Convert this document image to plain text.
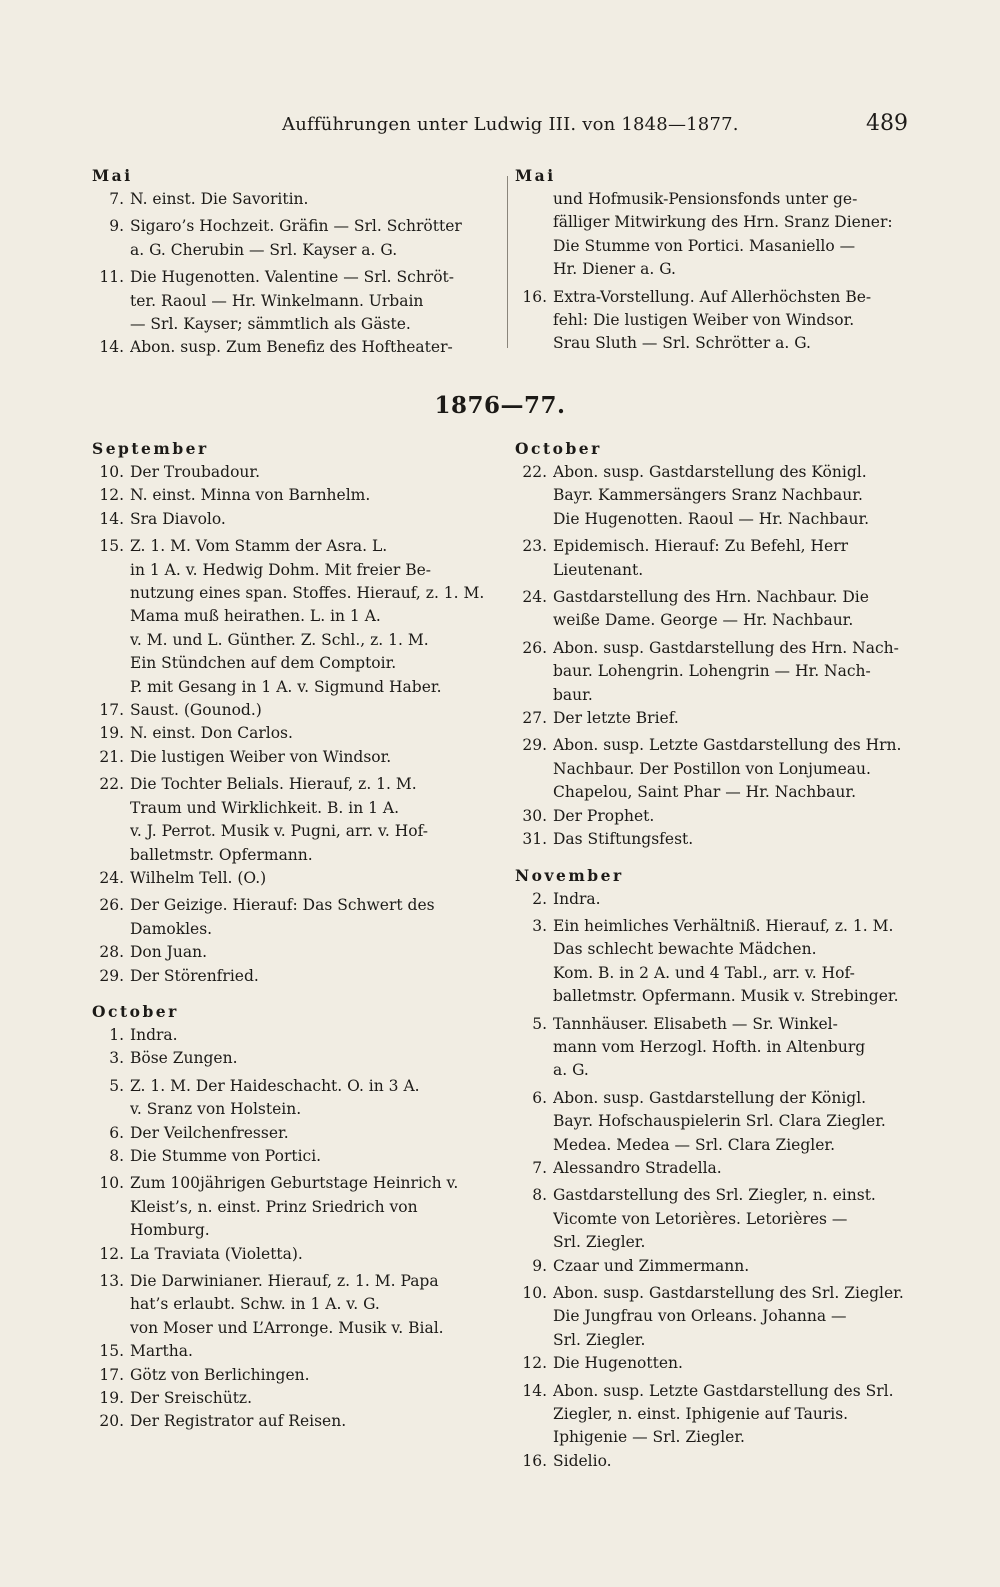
Aufführungen unter Ludwig III. von 1848—1877.	489
Mai
7. N. einst. Die Savoritin.
9. Sigaro’s Hochzeit. Gräfin — Srl. Schrötter
a. G. Cherubin — Srl. Kayser a. G.
11. Die Hugenotten. Valentine — Srl. Schröt-
ter. Raoul — Hr. Winkelmann. Urbain
— Srl. Kayser; sämmtlich als Gäste.
14. Abon. susp. Zum Benefiz des Hoftheater-
Mai
und Hofmusik-Pensionsfonds unter ge-
fälliger Mitwirkung des Hrn. Sranz Diener:
Die Stumme von Portici. Masaniello —
Hr. Diener a. G.
16. Extra-Vorstellung. Auf Allerhöchsten Be-
fehl: Die lustigen Weiber von Windsor.
Srau Sluth — Srl. Schrötter a. G.
1876—77.
September
10. Der Troubadour.
12. N. einst. Minna von Barnhelm.
14. Sra Diavolo.
15. Z. 1. M. Vom Stamm der Asra. L.
in 1 A. v. Hedwig Dohm. Mit freier Be-
nutzung eines span. Stoffes. Hierauf, z. 1. M.
Mama muß heirathen. L. in 1 A.
v. M. und L. Günther. Z. Schl., z. 1. M.
Ein Stündchen auf dem Comptoir.
P. mit Gesang in 1 A. v. Sigmund Haber.
17. Saust. (Gounod.)
19. N. einst. Don Carlos.
21. Die lustigen Weiber von Windsor.
22. Die Tochter Belials. Hierauf, z. 1. M.
Traum und Wirklichkeit. B. in 1 A.
v. J. Perrot. Musik v. Pugni, arr. v. Hof-
balletmstr. Opfermann.
24. Wilhelm Tell. (O.)
26. Der Geizige. Hierauf: Das Schwert des
Damokles.
28. Don Juan.
29. Der Störenfried.
October
1. Indra.
3. Böse Zungen.
5. Z. 1. M. Der Haideschacht. O. in 3 A.
v. Sranz von Holstein.
6. Der Veilchenfresser.
8. Die Stumme von Portici.
10. Zum 100jährigen Geburtstage Heinrich v.
Kleist’s, n. einst. Prinz Sriedrich von
Homburg.
12. La Traviata (Violetta).
13. Die Darwinianer. Hierauf, z. 1. M. Papa
hat’s erlaubt. Schw. in 1 A. v. G.
von Moser und L’Arronge. Musik v. Bial.
15. Martha.
17. Götz von Berlichingen.
19. Der Sreischütz.
20. Der Registrator auf Reisen.
October
22. Abon. susp. Gastdarstellung des Königl.
Bayr. Kammersängers Sranz Nachbaur.
Die Hugenotten. Raoul — Hr. Nachbaur.
23. Epidemisch. Hierauf: Zu Befehl, Herr
Lieutenant.
24. Gastdarstellung des Hrn. Nachbaur. Die
weiße Dame. George — Hr. Nachbaur.
26. Abon. susp. Gastdarstellung des Hrn. Nach-
baur. Lohengrin. Lohengrin — Hr. Nach-
baur.
27. Der letzte Brief.
29. Abon. susp. Letzte Gastdarstellung des Hrn.
Nachbaur. Der Postillon von Lonjumeau.
Chapelou, Saint Phar — Hr. Nachbaur.
30. Der Prophet.
31. Das Stiftungsfest.
November
2. Indra.
3. Ein heimliches Verhältniß. Hierauf, z. 1. M.
Das schlecht bewachte Mädchen.
Kom. B. in 2 A. und 4 Tabl., arr. v. Hof-
balletmstr. Opfermann. Musik v. Strebinger.
5. Tannhäuser. Elisabeth — Sr. Winkel-
mann vom Herzogl. Hofth. in Altenburg
a. G.
6. Abon. susp. Gastdarstellung der Königl.
Bayr. Hofschauspielerin Srl. Clara Ziegler.
Medea. Medea — Srl. Clara Ziegler.
7. Alessandro Stradella.
8. Gastdarstellung des Srl. Ziegler, n. einst.
Vicomte von Letorières. Letorières —
Srl. Ziegler.
9. Czaar und Zimmermann.
10. Abon. susp. Gastdarstellung des Srl. Ziegler.
Die Jungfrau von Orleans. Johanna —
Srl. Ziegler.
12. Die Hugenotten.
14. Abon. susp. Letzte Gastdarstellung des Srl.
Ziegler, n. einst. Iphigenie auf Tauris.
Iphigenie — Srl. Ziegler.
16. Sidelio.
